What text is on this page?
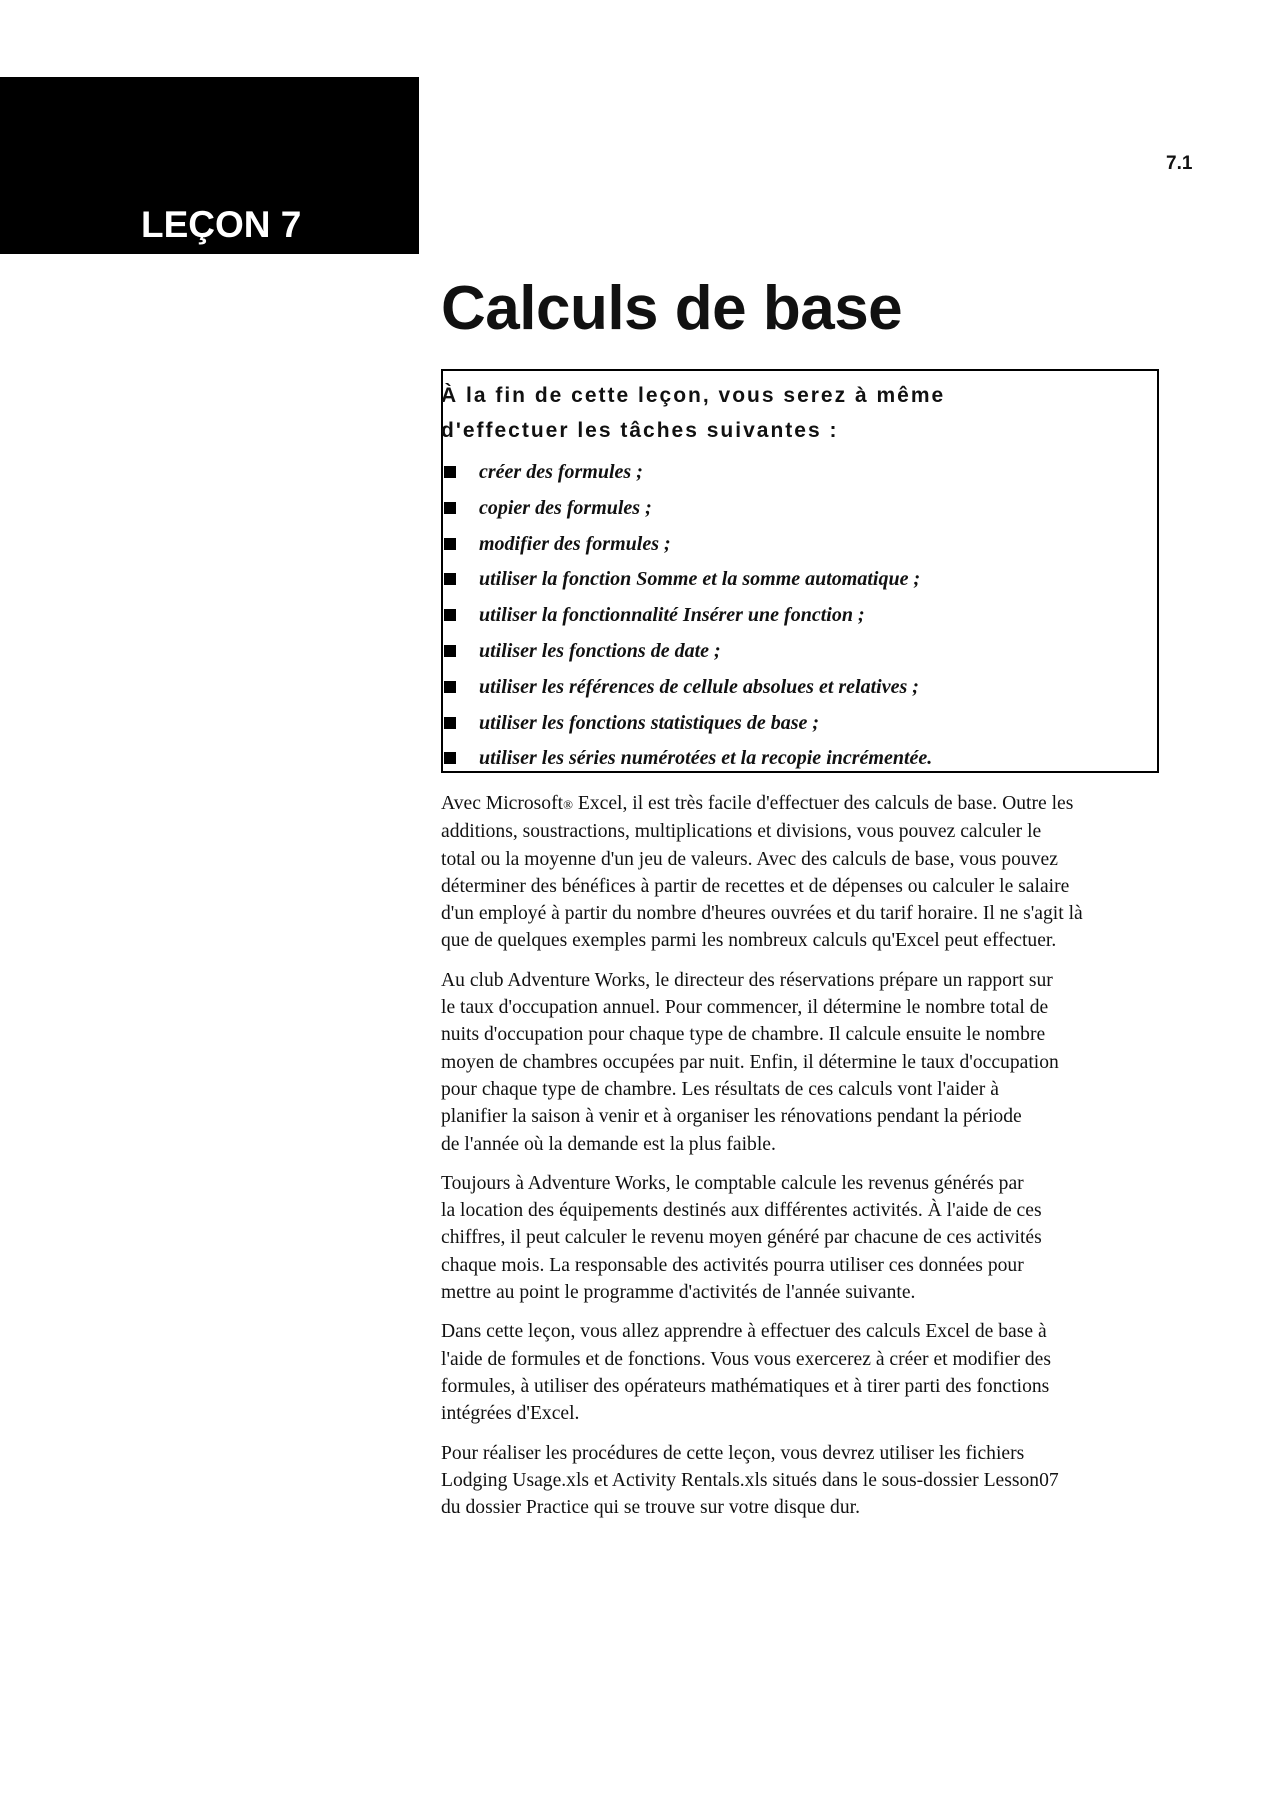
LEÇON 7
7.1
Calculs de base
À la fin de cette leçon, vous serez à même
d'effectuer les tâches suivantes :
créer des formules ;
copier des formules ;
modifier des formules ;
utiliser la fonction Somme et la somme automatique ;
utiliser la fonctionnalité Insérer une fonction ;
utiliser les fonctions de date ;
utiliser les références de cellule absolues et relatives ;
utiliser les fonctions statistiques de base ;
utiliser les séries numérotées et la recopie incrémentée.

Avec Microsoft® Excel, il est très facile d'effectuer des calculs de base. Outre les
additions, soustractions, multiplications et divisions, vous pouvez calculer le
total ou la moyenne d'un jeu de valeurs. Avec des calculs de base, vous pouvez
déterminer des bénéfices à partir de recettes et de dépenses ou calculer le salaire
d'un employé à partir du nombre d'heures ouvrées et du tarif horaire. Il ne s'agit là
que de quelques exemples parmi les nombreux calculs qu'Excel peut effectuer.

Au club Adventure Works, le directeur des réservations prépare un rapport sur
le taux d'occupation annuel. Pour commencer, il détermine le nombre total de
nuits d'occupation pour chaque type de chambre. Il calcule ensuite le nombre
moyen de chambres occupées par nuit. Enfin, il détermine le taux d'occupation
pour chaque type de chambre. Les résultats de ces calculs vont l'aider à
planifier la saison à venir et à organiser les rénovations pendant la période
de l'année où la demande est la plus faible.

Toujours à Adventure Works, le comptable calcule les revenus générés par
la location des équipements destinés aux différentes activités. À l'aide de ces
chiffres, il peut calculer le revenu moyen généré par chacune de ces activités
chaque mois. La responsable des activités pourra utiliser ces données pour
mettre au point le programme d'activités de l'année suivante.

Dans cette leçon, vous allez apprendre à effectuer des calculs Excel de base à
l'aide de formules et de fonctions. Vous vous exercerez à créer et modifier des
formules, à utiliser des opérateurs mathématiques et à tirer parti des fonctions
intégrées d'Excel.

Pour réaliser les procédures de cette leçon, vous devrez utiliser les fichiers
Lodging Usage.xls et Activity Rentals.xls situés dans le sous-dossier Lesson07
du dossier Practice qui se trouve sur votre disque dur.
